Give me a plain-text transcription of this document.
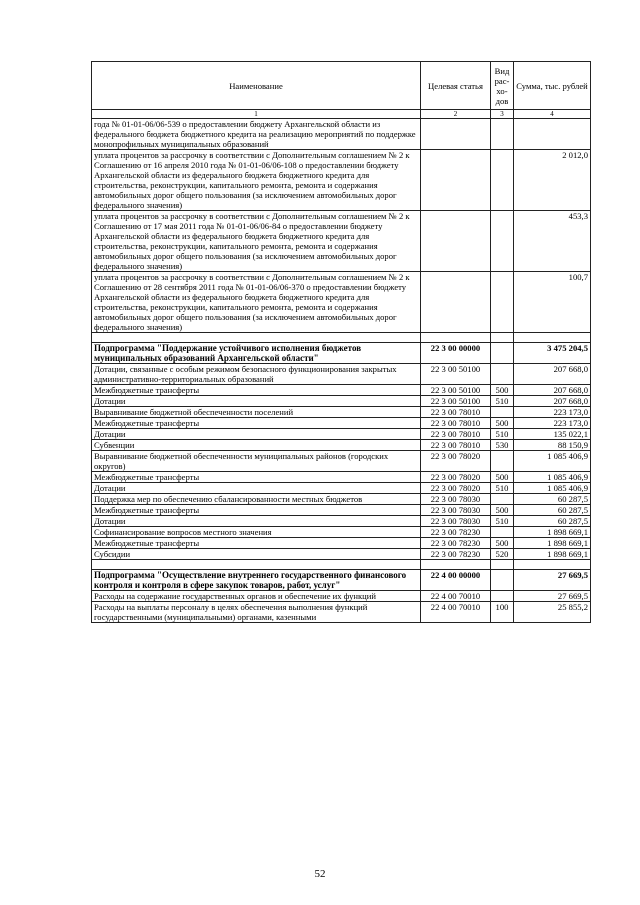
Наименование	Целевая статья	Вид рас-хо-дов	Сумма, тыс. рублей
1	2	3	4
года № 01-01-06/06-539 о предоставлении бюджету Архангельской области из федерального бюджета бюджетного кредита на реализацию мероприятий по поддержке монопрофильных муниципальных образований			
уплата процентов за рассрочку в соответствии с Дополнительным соглашением № 2 к Соглашению от 16 апреля 2010 года № 01-01-06/06-108 о предоставлении бюджету Архангельской области из федерального бюджета бюджетного кредита для строительства, реконструкции, капитального ремонта, ремонта и содержания автомобильных дорог общего пользования (за исключением автомобильных дорог федерального значения)			2 012,0
уплата процентов за рассрочку в соответствии с Дополнительным соглашением № 2 к Соглашению от 17 мая 2011 года № 01-01-06/06-84 о предоставлении бюджету Архангельской области из федерального бюджета бюджетного кредита для строительства, реконструкции, капитального ремонта, ремонта и содержания автомобильных дорог общего пользования (за исключением автомобильных дорог федерального значения)			453,3
уплата процентов за рассрочку в соответствии с Дополнительным соглашением № 2 к Соглашению от 28 сентября 2011 года № 01-01-06/06-370 о предоставлении бюджету Архангельской области из федерального бюджета бюджетного кредита для строительства, реконструкции, капитального ремонта, ремонта и содержания автомобильных дорог общего пользования (за исключением автомобильных дорог федерального значения)			100,7

Подпрограмма "Поддержание устойчивого исполнения бюджетов муниципальных образований Архангельской области"	22 3 00 00000		3 475 204,5
Дотации, связанные с особым режимом безопасного функционирования закрытых административно-территориальных образований	22 3 00 50100		207 668,0
Межбюджетные трансферты	22 3 00 50100	500	207 668,0
Дотации	22 3 00 50100	510	207 668,0
Выравнивание бюджетной обеспеченности поселений	22 3 00 78010		223 173,0
Межбюджетные трансферты	22 3 00 78010	500	223 173,0
Дотации	22 3 00 78010	510	135 022,1
Субвенции	22 3 00 78010	530	88 150,9
Выравнивание бюджетной обеспеченности муниципальных районов (городских округов)	22 3 00 78020		1 085 406,9
Межбюджетные трансферты	22 3 00 78020	500	1 085 406,9
Дотации	22 3 00 78020	510	1 085 406,9
Поддержка мер по обеспечению сбалансированности местных бюджетов	22 3 00 78030		60 287,5
Межбюджетные трансферты	22 3 00 78030	500	60 287,5
Дотации	22 3 00 78030	510	60 287,5
Софинансирование вопросов местного значения	22 3 00 78230		1 898 669,1
Межбюджетные трансферты	22 3 00 78230	500	1 898 669,1
Субсидии	22 3 00 78230	520	1 898 669,1

Подпрограмма "Осуществление внутреннего государственного финансового контроля и контроля в сфере закупок товаров, работ, услуг"	22 4 00 00000		27 669,5
Расходы на содержание государственных органов и обеспечение их функций	22 4 00 70010		27 669,5
Расходы на выплаты персоналу в целях обеспечения выполнения функций государственными (муниципальными) органами, казенными	22 4 00 70010	100	25 855,2
52
